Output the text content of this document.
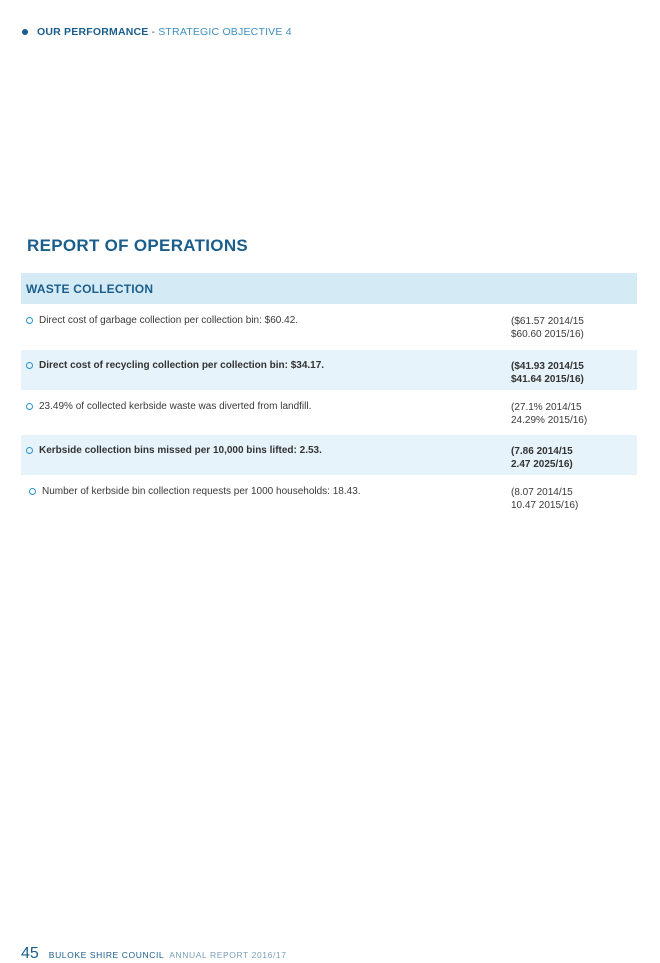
OUR PERFORMANCE - STRATEGIC OBJECTIVE 4
REPORT OF OPERATIONS
WASTE COLLECTION
Direct cost of garbage collection per collection bin: $60.42.	($61.57 2014/15
$60.60 2015/16)
Direct cost of recycling collection per collection bin: $34.17.	($41.93 2014/15
$41.64 2015/16)
23.49% of collected kerbside waste was diverted from landfill.	(27.1% 2014/15
24.29% 2015/16)
Kerbside collection bins missed per 10,000 bins lifted: 2.53.	(7.86 2014/15
2.47 2025/16)
Number of kerbside bin collection requests per 1000 households: 18.43.	(8.07 2014/15
10.47 2015/16)
45 BULOKE SHIRE COUNCIL ANNUAL REPORT 2016/17
